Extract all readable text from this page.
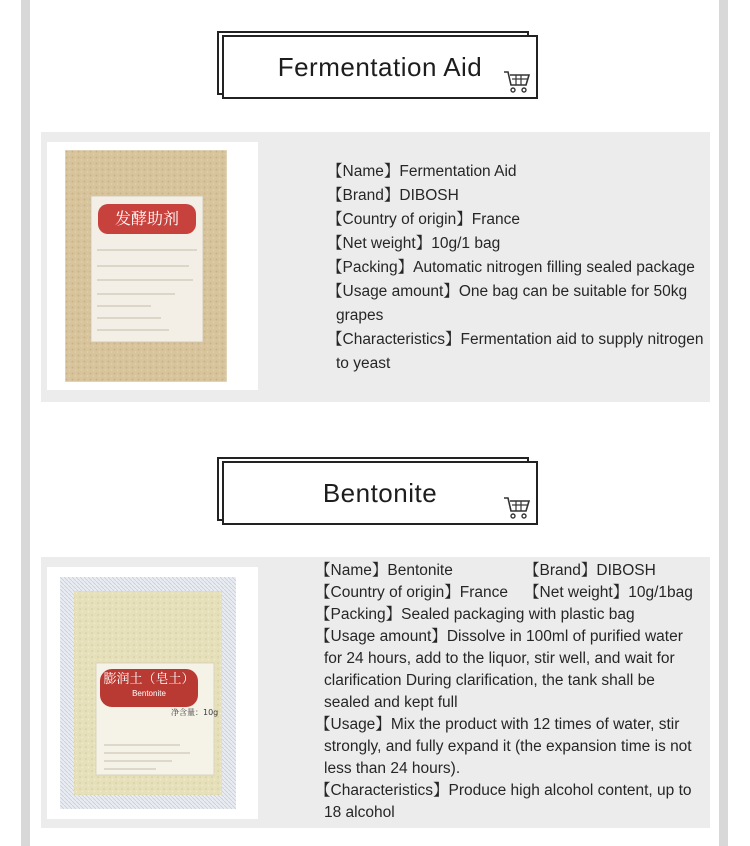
Fermentation Aid
发酵助剂
【Name】Fermentation Aid
【Brand】DIBOSH
【Country of origin】France
【Net weight】10g/1 bag
【Packing】Automatic nitrogen filling sealed package
【Usage amount】One bag can be suitable for 50kg
grapes
【Characteristics】Fermentation aid to supply nitrogen
to yeast
Bentonite
膨润土（皂土）
Bentonite
净含量：10g
【Name】Bentonite	【Brand】DIBOSH
【Country of origin】France 【Net weight】10g/1bag
【Packing】Sealed packaging with plastic bag
【Usage amount】Dissolve in 100ml of purified water
for 24 hours, add to the liquor, stir well, and wait for
clarification During clarification, the tank shall be
sealed and kept full
【Usage】Mix the product with 12 times of water, stir
strongly, and fully expand it (the expansion time is not
less than 24 hours).
【Characteristics】Produce high alcohol content, up to
18 alcohol
